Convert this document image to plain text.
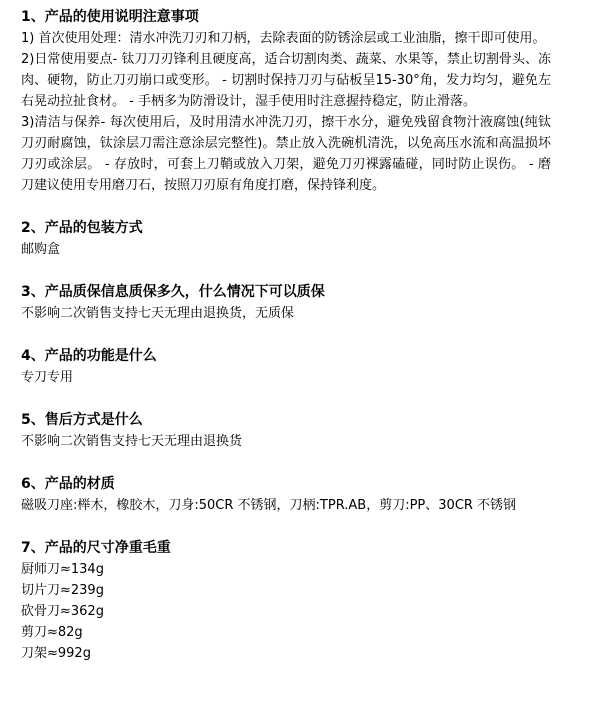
1、产品的使用说明注意事项

1) 首次使用处理：清水冲洗刀刃和刀柄，去除表面的防锈涂层或工业油脂，擦干即可使用。

2)日常使用要点- 钛刀刀刃锋利且硬度高，适合切割肉类、蔬菜、水果等，禁止切割骨头、冻肉、硬物，防止刀刃崩口或变形。 - 切割时保持刀刃与砧板呈15-30°角，发力均匀，避免左右晃动拉扯食材。 - 手柄多为防滑设计，湿手使用时注意握持稳定，防止滑落。

3)清洁与保养- 每次使用后，及时用清水冲洗刀刃，擦干水分，避免残留食物汁液腐蚀(纯钛刀刃耐腐蚀，钛涂层刀需注意涂层完整性)。禁止放入洗碗机清洗，以免高压水流和高温损坏刀刃或涂层。 - 存放时，可套上刀鞘或放入刀架，避免刀刃裸露磕碰，同时防止误伤。 - 磨刀建议使用专用磨刀石，按照刀刃原有角度打磨，保持锋利度。

2、产品的包装方式

邮购盒

3、产品质保信息质保多久，什么情况下可以质保

不影响二次销售支持七天无理由退换货，无质保

4、产品的功能是什么

专刀专用

5、售后方式是什么

不影响二次销售支持七天无理由退换货

6、产品的材质

磁吸刀座:榉木，橡胶木，刀身:50CR 不锈钢，刀柄:TPR.AB，剪刀:PP、30CR 不锈钢

7、产品的尺寸净重毛重

厨师刀≈134g

切片刀≈239g

砍骨刀≈362g

剪刀≈82g

刀架≈992g
